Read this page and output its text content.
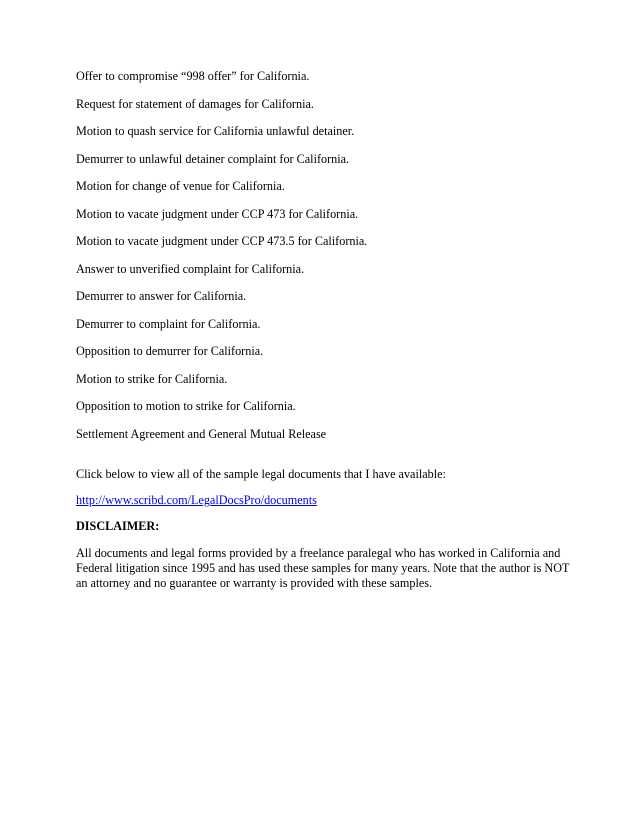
Offer to compromise “998 offer” for California.

Request for statement of damages for California.

Motion to quash service for California unlawful detainer.

Demurrer to unlawful detainer complaint for California.

Motion for change of venue for California.

Motion to vacate judgment under CCP 473 for California.

Motion to vacate judgment under CCP 473.5 for California.

Answer to unverified complaint for California.

Demurrer to answer for California.

Demurrer to complaint for California.

Opposition to demurrer for California.

Motion to strike for California.

Opposition to motion to strike for California.

Settlement Agreement and General Mutual Release

Click below to view all of the sample legal documents that I have available:

http://www.scribd.com/LegalDocsPro/documents

DISCLAIMER:

All documents and legal forms provided by a freelance paralegal who has worked in California and Federal litigation since 1995 and has used these samples for many years. Note that the author is NOT an attorney and no guarantee or warranty is provided with these samples.
